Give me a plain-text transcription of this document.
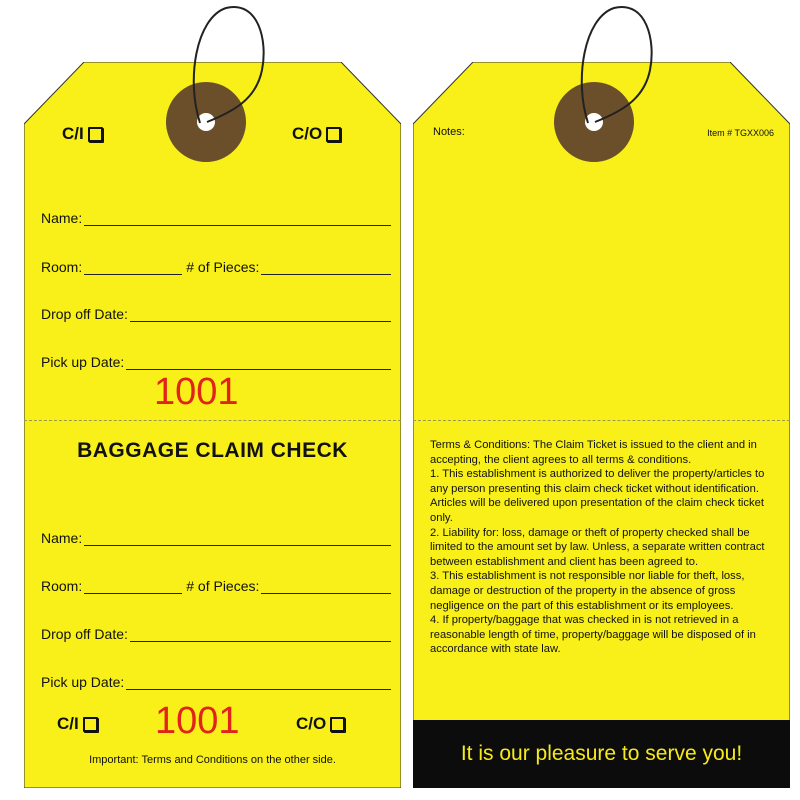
C/I	C/O
Name:
Room:	# of Pieces:
Drop off Date:
Pick up Date:
1001
BAGGAGE CLAIM CHECK
Name:
Room:	# of Pieces:
Drop off Date:
Pick up Date:
C/I 1001	C/O
Important: Terms and Conditions on the other side.
Notes:	Item # TGXX006

Terms & Conditions: The Claim Ticket is issued to the client and in accepting, the client agrees to all terms & conditions.

1. This establishment is authorized to deliver the property/articles to any person presenting this claim check ticket without identification. Articles will be delivered upon presentation of the claim check ticket only.

2. Liability for: loss, damage or theft of property checked shall be limited to the amount set by law. Unless, a separate written contract between establishment and client has been agreed to.

3. This establishment is not responsible nor liable for theft, loss, damage or destruction of the property in the absence of gross negligence on the part of this establishment or its employees.

4. If property/baggage that was checked in is not retrieved in a reasonable length of time, property/baggage will be disposed of in accordance with state law.

It is our pleasure to serve you!
